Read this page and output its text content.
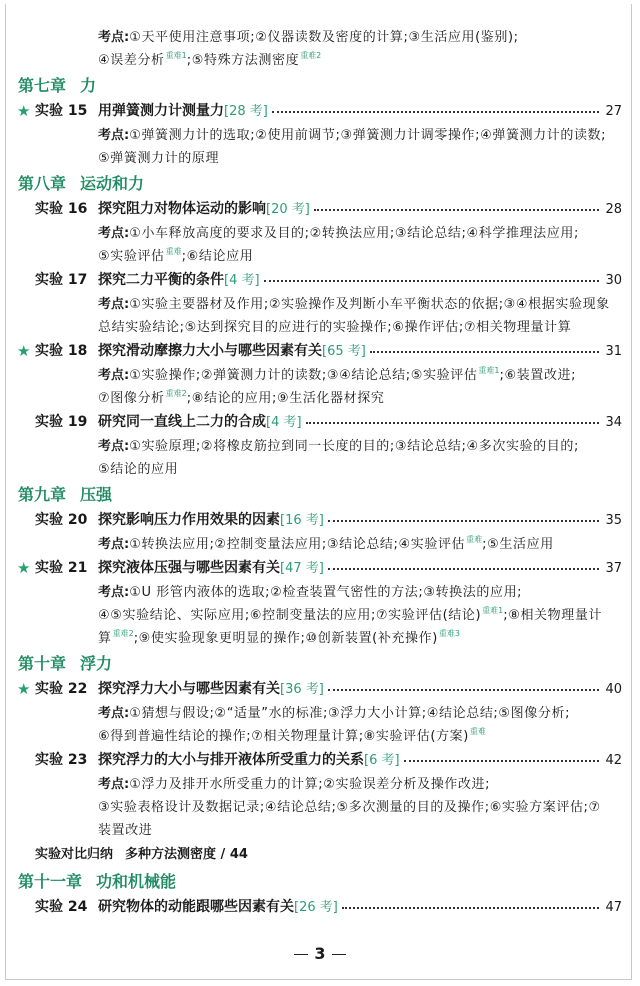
考点:①天平使用注意事项;②仪器读数及密度的计算;③生活应用(鉴别);
④误差分析$^{重难1}$;⑤特殊方法测密度$^{重难2}$
第七章 力
★ 实验 15 用弹簧测力计测量力[28 考]	27
考点:①弹簧测力计的选取;②使用前调节;③弹簧测力计调零操作;④弹簧测力计的读数;
⑤弹簧测力计的原理
第八章 运动和力
实验 16 探究阻力对物体运动的影响[20 考]	28
考点:①小车释放高度的要求及目的;②转换法应用;③结论总结;④科学推理法应用;
⑤实验评估$^{重难}$;⑥结论应用
实验 17 探究二力平衡的条件[4 考]	30
考点:①实验主要器材及作用;②实验操作及判断小车平衡状态的依据;③④根据实验现象
总结实验结论;⑤达到探究目的应进行的实验操作;⑥操作评估;⑦相关物理量计算
★ 实验 18 探究滑动摩擦力大小与哪些因素有关[65 考]	31
考点:①实验操作;②弹簧测力计的读数;③④结论总结;⑤实验评估$^{重难1}$;⑥装置改进;
⑦图像分析$^{重难2}$;⑧结论的应用;⑨生活化器材探究
实验 19 研究同一直线上二力的合成[4 考]	34
考点:①实验原理;②将橡皮筋拉到同一长度的目的;③结论总结;④多次实验的目的;
⑤结论的应用
第九章 压强
实验 20 探究影响压力作用效果的因素[16 考]	35
考点:①转换法应用;②控制变量法应用;③结论总结;④实验评估$^{重难}$;⑤生活应用
★ 实验 21 探究液体压强与哪些因素有关[47 考]	37
考点:①U 形管内液体的选取;②检查装置气密性的方法;③转换法的应用;
④⑤实验结论、实际应用;⑥控制变量法的应用;⑦实验评估(结论)$^{重难1}$;⑧相关物理量计
算$^{重难2}$;⑨使实验现象更明显的操作;⑩创新装置(补充操作)$^{重难3}$
第十章 浮力
★ 实验 22 探究浮力大小与哪些因素有关[36 考]	40
考点:①猜想与假设;②“适量”水的标准;③浮力大小计算;④结论总结;⑤图像分析;
⑥得到普遍性结论的操作;⑦相关物理量计算;⑧实验评估(方案)$^{重难}$
实验 23 探究浮力的大小与排开液体所受重力的关系[6 考]	42
考点:①浮力及排开水所受重力的计算;②实验误差分析及操作改进;
③实验表格设计及数据记录;④结论总结;⑤多次测量的目的及操作;⑥实验方案评估;⑦
装置改进
实验对比归纳 多种方法测密度 / 44
第十一章 功和机械能
实验 24 研究物体的动能跟哪些因素有关[26 考]	47
3
